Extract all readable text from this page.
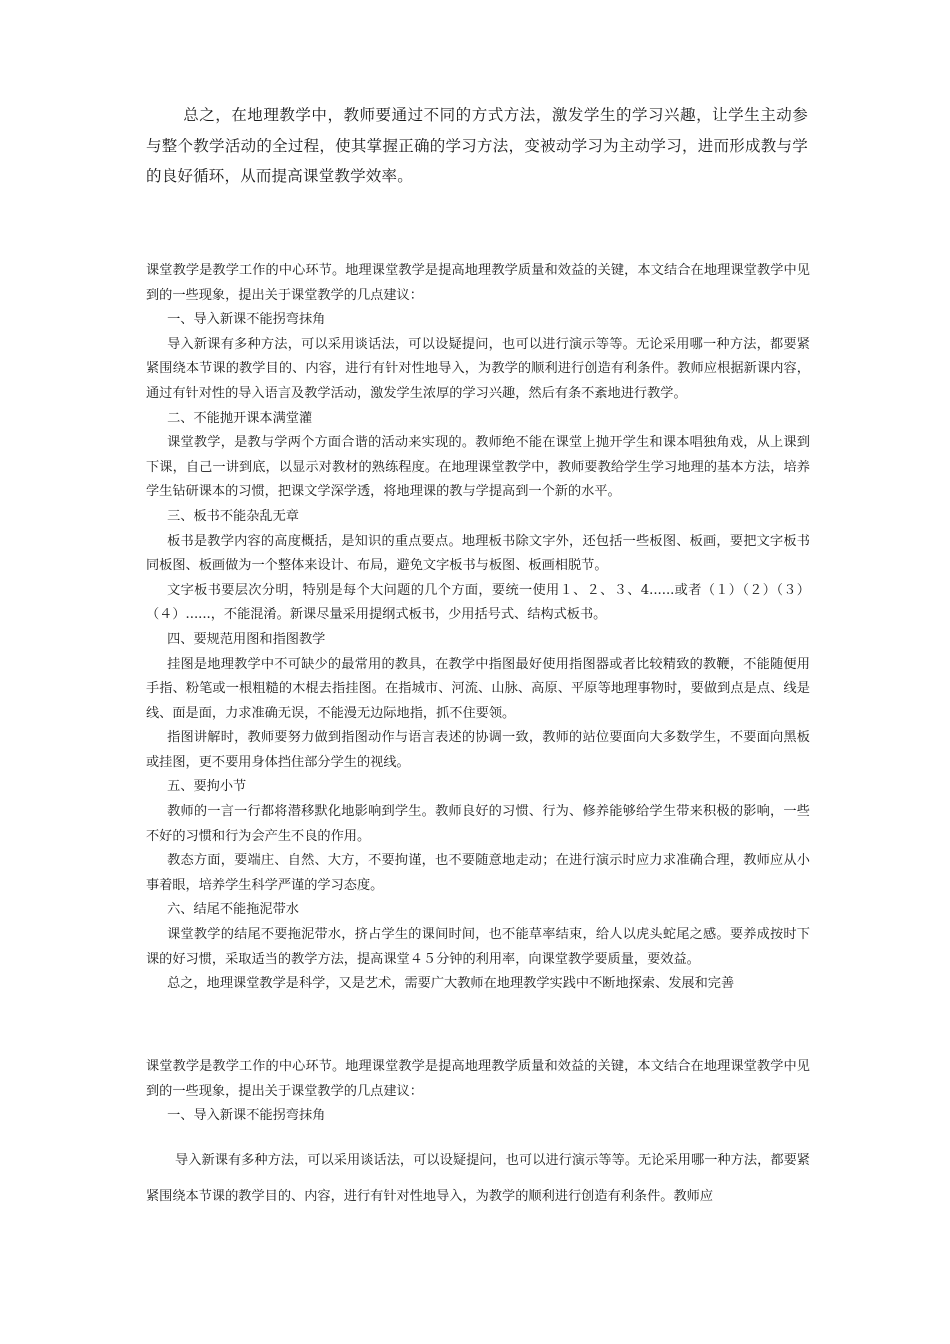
总之，在地理教学中，教师要通过不同的方式方法，激发学生的学习兴趣，让学生主动参与整个教学活动的全过程，使其掌握正确的学习方法，变被动学习为主动学习，进而形成教与学的良好循环，从而提高课堂教学效率。

课堂教学是教学工作的中心环节。地理课堂教学是提高地理教学质量和效益的关键，本文结合在地理课堂教学中见到的一些现象，提出关于课堂教学的几点建议：

一、导入新课不能拐弯抹角

导入新课有多种方法，可以采用谈话法，可以设疑提问，也可以进行演示等等。无论采用哪一种方法，都要紧紧围绕本节课的教学目的、内容，进行有针对性地导入，为教学的顺利进行创造有利条件。教师应根据新课内容，通过有针对性的导入语言及教学活动，激发学生浓厚的学习兴趣，然后有条不紊地进行教学。

二、不能抛开课本满堂灌

课堂教学，是教与学两个方面合谐的活动来实现的。教师绝不能在课堂上抛开学生和课本唱独角戏，从上课到下课，自己一讲到底，以显示对教材的熟练程度。在地理课堂教学中，教师要教给学生学习地理的基本方法，培养学生钻研课本的习惯，把课文学深学透，将地理课的教与学提高到一个新的水平。

三、板书不能杂乱无章

板书是教学内容的高度概括，是知识的重点要点。地理板书除文字外，还包括一些板图、板画，要把文字板书同板图、板画做为一个整体来设计、布局，避免文字板书与板图、板画相脱节。

文字板书要层次分明，特别是每个大问题的几个方面，要统一使用１、２、３、4......或者（１）（２）（３）（４）......，不能混淆。新课尽量采用提纲式板书，少用括号式、结构式板书。

四、要规范用图和指图教学

挂图是地理教学中不可缺少的最常用的教具，在教学中指图最好使用指图器或者比较精致的教鞭，不能随便用手指、粉笔或一根粗糙的木棍去指挂图。在指城市、河流、山脉、高原、平原等地理事物时，要做到点是点、线是线、面是面，力求准确无误，不能漫无边际地指，抓不住要领。

指图讲解时，教师要努力做到指图动作与语言表述的协调一致，教师的站位要面向大多数学生，不要面向黑板或挂图，更不要用身体挡住部分学生的视线。

五、要拘小节

教师的一言一行都将潜移默化地影响到学生。教师良好的习惯、行为、修养能够给学生带来积极的影响，一些不好的习惯和行为会产生不良的作用。

教态方面，要端庄、自然、大方，不要拘谨，也不要随意地走动；在进行演示时应力求准确合理，教师应从小事着眼，培养学生科学严谨的学习态度。

六、结尾不能拖泥带水

课堂教学的结尾不要拖泥带水，挤占学生的课间时间，也不能草率结束，给人以虎头蛇尾之感。要养成按时下课的好习惯，采取适当的教学方法，提高课堂４５分钟的利用率，向课堂教学要质量，要效益。

总之，地理课堂教学是科学，又是艺术，需要广大教师在地理教学实践中不断地探索、发展和完善

课堂教学是教学工作的中心环节。地理课堂教学是提高地理教学质量和效益的关键，本文结合在地理课堂教学中见到的一些现象，提出关于课堂教学的几点建议：

一、导入新课不能拐弯抹角

导入新课有多种方法，可以采用谈话法，可以设疑提问，也可以进行演示等等。无论采用哪一种方法，都要紧紧围绕本节课的教学目的、内容，进行有针对性地导入，为教学的顺利进行创造有利条件。教师应
